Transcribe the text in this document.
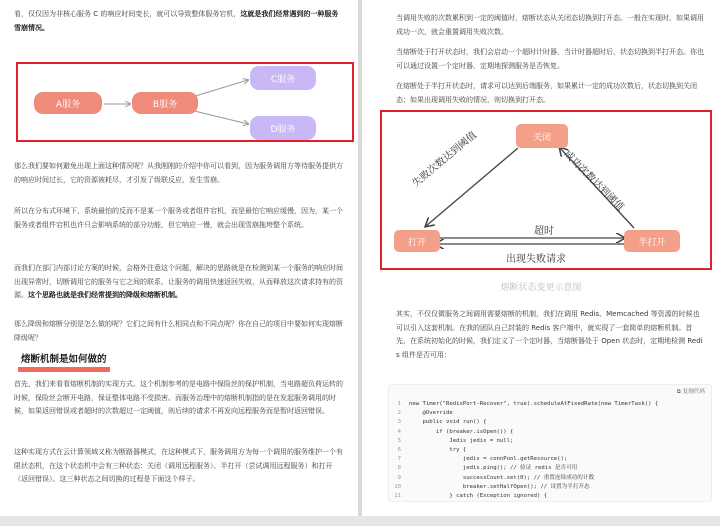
看，仅仅因为非核心服务 C 的响应时间变长，就可以导致整体服务宕机，这就是我们经常遇到的一种服务雪崩情况。

A服务	B服务
C服务
D服务

那么我们要如何避免出现上面这种情况呢？从我刚刚的介绍中你可以看到，因为服务调用方等待服务提供方的响应时间过长，它的资源被耗尽，才引发了级联反应，发生雪崩。

所以在分布式环境下，系统最怕的反而不是某一个服务或者组件宕机，而是最怕它响应缓慢，因为，某一个服务或者组件宕机也许只会影响系统的部分功能，但它响应一慢，就会出现雪崩拖垮整个系统。

而我们在部门内部讨论方案的时候，会格外注意这个问题，解决的思路就是在检测到某一个服务的响应时间出现异常时，切断调用它的服务与它之间的联系，让服务的调用快速返回失败，从而释放这次请求持有的资源。这个思路也就是我们经常提到的降级和熔断机制。

那么降级和熔断分别是怎么做的呢？它们之间有什么相同点和不同点呢？你在自己的项目中要如何实现熔断降级呢？

熔断机制是如何做的

首先，我们来看看熔断机制的实现方式。这个机制参考的是电路中保险丝的保护机制，当电路超负荷运转的时候，保险丝会断开电路，保证整体电路不受损害。而服务治理中的熔断机制指的是在发起服务调用的时候，如果返回错误或者超时的次数超过一定阈值，则后续的请求不再发向远程服务而是暂时返回错误。

这种实现方式在云计算领域又称为断路器模式，在这种模式下，服务调用方为每一个调用的服务维护一个有限状态机，在这个状态机中会有三种状态：关闭（调用远程服务）、半打开（尝试调用远程服务）和打开（返回错误）。这三种状态之间切换的过程是下面这个样子。

当调用失败的次数累积到一定的阈值时，熔断状态从关闭态切换到打开态。一般在实现时，如果调用成功一次，就会重置调用失败次数。

当熔断处于打开状态时，我们会启动一个超时计时器，当计时器超时后，状态切换到半打开态。你也可以通过设置一个定时器，定期地探测服务是否恢复。

在熔断处于半打开状态时，请求可以达到后端服务，如果累计一定的成功次数后，状态切换到关闭态；如果出现调用失败的情况，则切换到打开态。

关闭
打开	半打开
失败次数达到阈值	成功次数达到阈值
超时
出现失败请求
熔断状态变更示意图

其实，不仅仅微服务之间调用需要熔断的机制，我们在调用 Redis、Memcached 等资源的时候也可以引入这套机制。在我的团队自己封装的 Redis 客户端中，就实现了一套简单的熔断机制。首先，在系统初始化的时候，我们定义了一个定时器，当熔断器处于 Open 状态时，定期地检测 Redis 组件是否可用：

⧉ 复制代码
1 new Timer("RedisPort-Recover", true).scheduleAtFixedRate(new TimerTask() {
2    @Override
3    public void run() {
4        if (breaker.isOpen()) {
5            Jedis jedis = null;
6            try {
7                jedis = connPool.getResource();
8                jedis.ping(); // 验证 redis 是否可用
9                successCount.set(0); // 重置连续成功的计数
10                breaker.setHalfOpen(); // 设置为半打开态
11            } catch (Exception ignored) {
